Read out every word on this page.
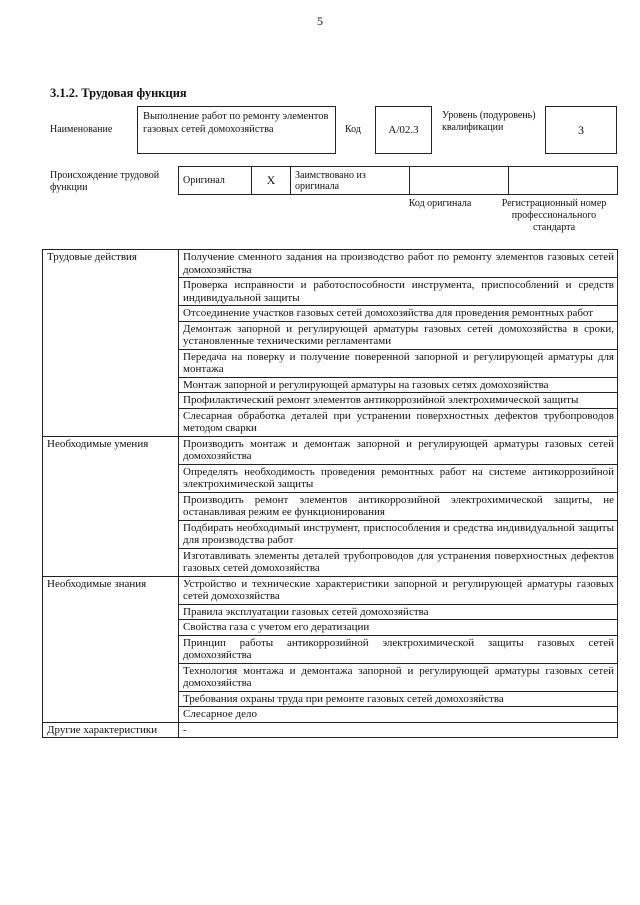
5
3.1.2. Трудовая функция
Наименование
Выполнение работ по ремонту элементов газовых сетей домохозяйства	Код	А/02.3
Уровень (подуровень) квалификации	3
Происхождение трудовой функции
Оригинал	X	Заимствовано из оригинала		
Код оригинала	Регистрационный номер профессионального стандарта
Трудовые действия	Получение сменного задания на производство работ по ремонту элементов газовых сетей домохозяйства
	Проверка исправности и работоспособности инструмента, приспособлений и средств индивидуальной защиты
	Отсоединение участков газовых сетей домохозяйства для проведения ремонтных работ
	Демонтаж запорной и регулирующей арматуры газовых сетей домохозяйства в сроки, установленные техническими регламентами
	Передача на поверку и получение поверенной запорной и регулирующей арматуры для монтажа
	Монтаж запорной и регулирующей арматуры на газовых сетях домохозяйства
	Профилактический ремонт элементов антикоррозийной электрохимической защиты
	Слесарная обработка деталей при устранении поверхностных дефектов трубопроводов методом сварки
Необходимые умения	Производить монтаж и демонтаж запорной и регулирующей арматуры газовых сетей домохозяйства
	Определять необходимость проведения ремонтных работ на системе антикоррозийной электрохимической защиты
	Производить ремонт элементов антикоррозийной электрохимической защиты, не останавливая режим ее функционирования
	Подбирать необходимый инструмент, приспособления и средства индивидуальной защиты для производства работ
	Изготавливать элементы деталей трубопроводов для устранения поверхностных дефектов газовых сетей домохозяйства
Необходимые знания	Устройство и технические характеристики запорной и регулирующей арматуры газовых сетей домохозяйства
	Правила эксплуатации газовых сетей домохозяйства
	Свойства газа с учетом его дератизации
	Принцип работы антикоррозийной электрохимической защиты газовых сетей домохозяйства
	Технология монтажа и демонтажа запорной и регулирующей арматуры газовых сетей домохозяйства
	Требования охраны труда при ремонте газовых сетей домохозяйства
	Слесарное дело
Другие характеристики	-
